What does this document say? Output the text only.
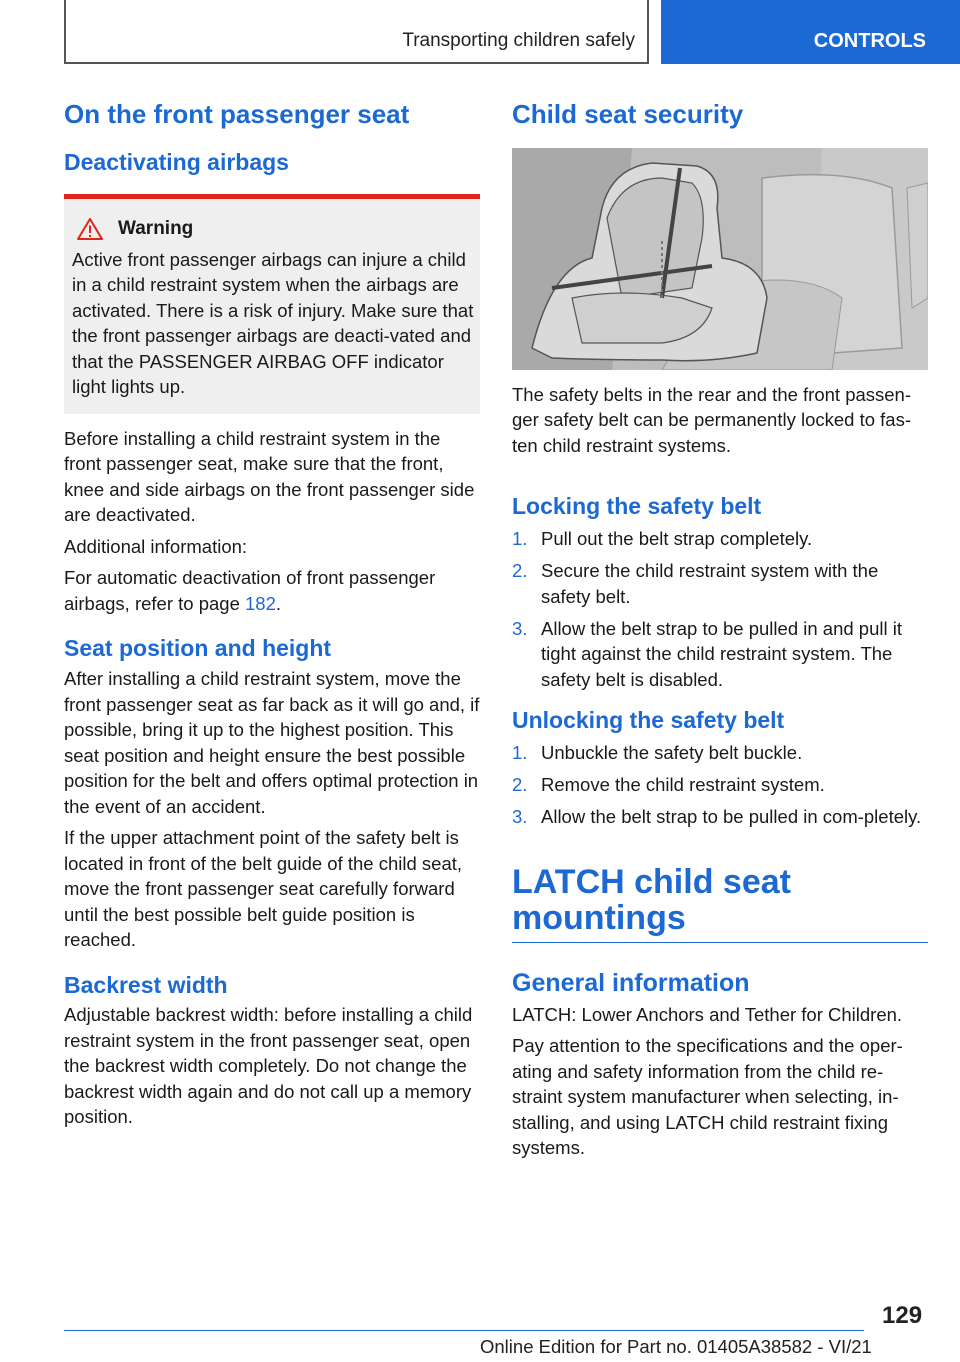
Transporting children safely	CONTROLS
On the front passenger seat
Deactivating airbags
Warning

Active front passenger airbags can injure a child in a child restraint system when the airbags are activated. There is a risk of injury. Make sure that the front passenger airbags are deacti-vated and that the PASSENGER AIRBAG OFF indicator light lights up.

Before installing a child restraint system in the front passenger seat, make sure that the front, knee and side airbags on the front passenger side are deactivated.

Additional information:

For automatic deactivation of front passenger airbags, refer to page 182.

Seat position and height

After installing a child restraint system, move the front passenger seat as far back as it will go and, if possible, bring it up to the highest position. This seat position and height ensure the best possible position for the belt and offers optimal protection in the event of an accident.

If the upper attachment point of the safety belt is located in front of the belt guide of the child seat, move the front passenger seat carefully forward until the best possible belt guide position is reached.

Backrest width

Adjustable backrest width: before installing a child restraint system in the front passenger seat, open the backrest width completely. Do not change the backrest width again and do not call up a memory position.

Child seat security

The safety belts in the rear and the front passen-ger safety belt can be permanently locked to fas-ten child restraint systems.

Locking the safety belt
1. Pull out the belt strap completely.
2. Secure the child restraint system with the safety belt.
3. Allow the belt strap to be pulled in and pull it tight against the child restraint system. The safety belt is disabled.
Unlocking the safety belt
1. Unbuckle the safety belt buckle.
2. Remove the child restraint system.
3. Allow the belt strap to be pulled in com-pletely.
LATCH child seat mountings
General information

LATCH: Lower Anchors and Tether for Children.

Pay attention to the specifications and the oper-ating and safety information from the child re-straint system manufacturer when selecting, in-stalling, and using LATCH child restraint fixing systems.

129
Online Edition for Part no. 01405A38582 - VI/21
